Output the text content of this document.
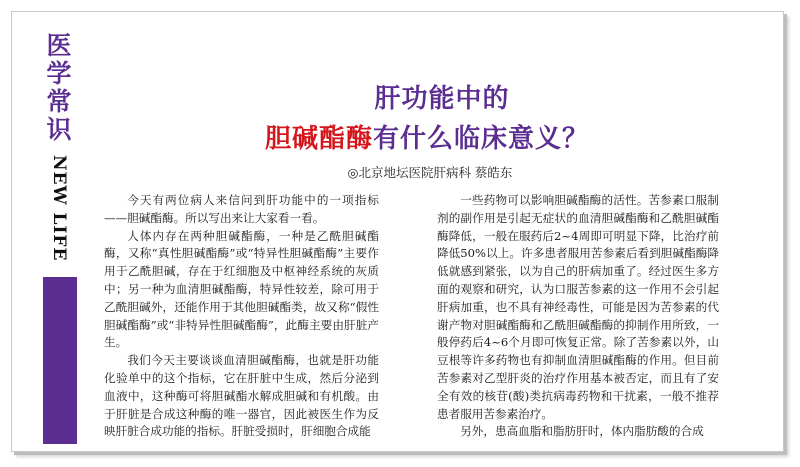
医学常识
NEW LIFE
肝功能中的
胆碱酯酶有什么临床意义？
◎北京地坛医院肝病科 蔡皓东

今天有两位病人来信问到肝功能中的一项指标——胆碱酯酶。所以写出来让大家看一看。

人体内存在两种胆碱酯酶，一种是乙酰胆碱酯酶，又称“真性胆碱酯酶”或“特异性胆碱酯酶”主要作用于乙酰胆碱，存在于红细胞及中枢神经系统的灰质中；另一种为血清胆碱酯酶，特异性较差，除可用于乙酰胆碱外，还能作用于其他胆碱酯类，故又称“假性胆碱酯酶”或“非特异性胆碱酯酶”，此酶主要由肝脏产生。

我们今天主要谈谈血清胆碱酯酶，也就是肝功能化验单中的这个指标，它在肝脏中生成，然后分泌到血液中，这种酶可将胆碱酯水解成胆碱和有机酸。由于肝脏是合成这种酶的唯一器官，因此被医生作为反映肝脏合成功能的指标。肝脏受损时，肝细胞合成能

一些药物可以影响胆碱酯酶的活性。苦参素口服制剂的副作用是引起无症状的血清胆碱酯酶和乙酰胆碱酯酶降低，一般在服药后2~4周即可明显下降，比治疗前降低50%以上。许多患者服用苦参素后看到胆碱酯酶降低就感到紧张，以为自己的肝病加重了。经过医生多方面的观察和研究，认为口服苦参素的这一作用不会引起肝病加重，也不具有神经毒性，可能是因为苦参素的代谢产物对胆碱酯酶和乙酰胆碱酯酶的抑制作用所致，一般停药后4~6个月即可恢复正常。除了苦参素以外，山豆根等许多药物也有抑制血清胆碱酯酶的作用。但目前苦参素对乙型肝炎的治疗作用基本被否定，而且有了安全有效的核苷(酸)类抗病毒药物和干扰素，一般不推荐患者服用苦参素治疗。

另外，患高血脂和脂肪肝时，体内脂肪酸的合成
